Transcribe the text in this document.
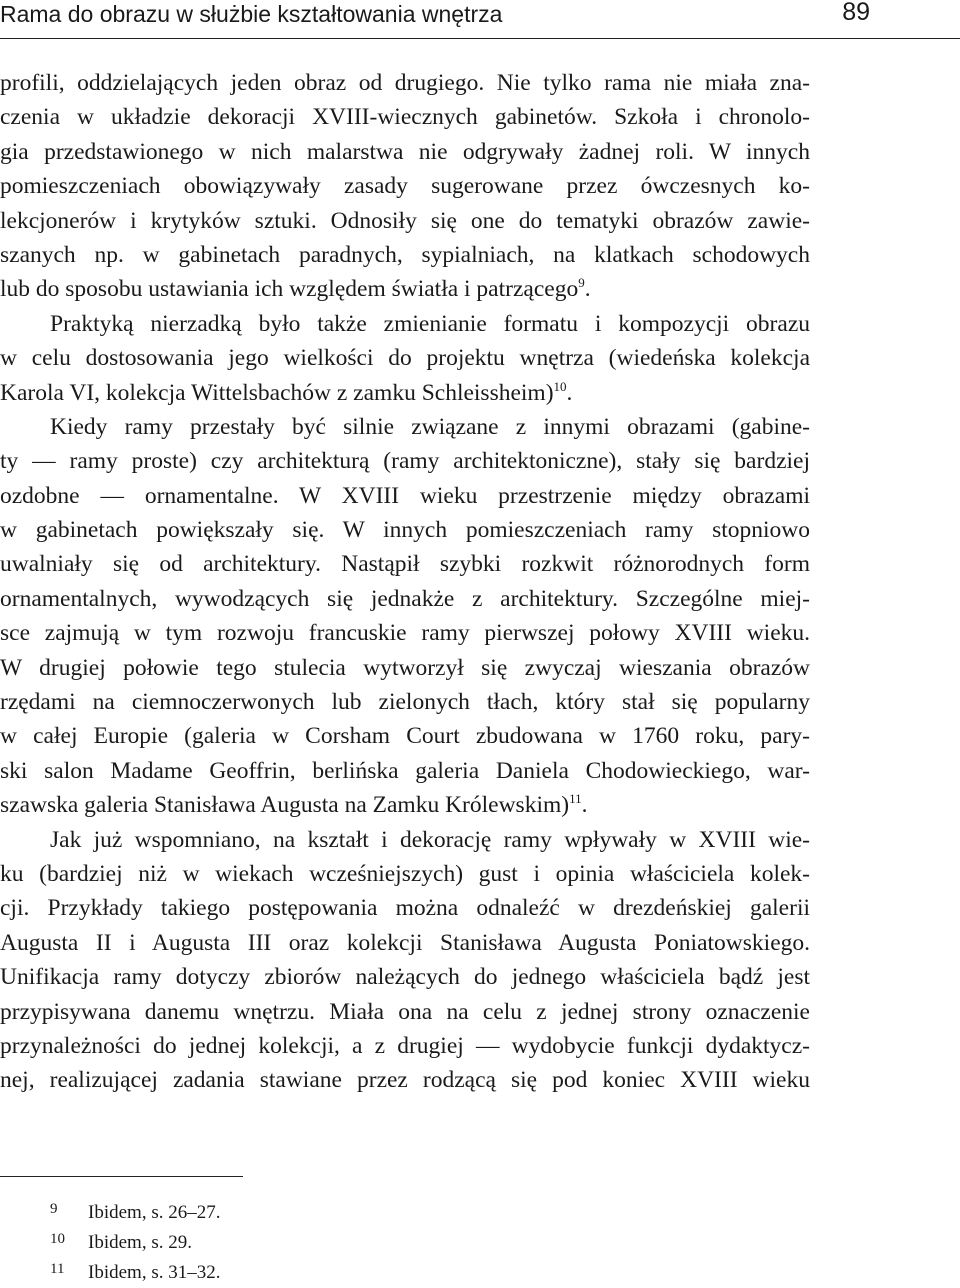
Rama do obrazu w służbie kształtowania wnętrza	89
profili, oddzielających jeden obraz od drugiego. Nie tylko rama nie miała zna-
czenia w układzie dekoracji XVIII-wiecznych gabinetów. Szkoła i chronolo-
gia przedstawionego w nich malarstwa nie odgrywały żadnej roli. W innych
pomieszczeniach obowiązywały zasady sugerowane przez ówczesnych ko-
lekcjonerów i krytyków sztuki. Odnosiły się one do tematyki obrazów zawie-
szanych np. w gabinetach paradnych, sypialniach, na klatkach schodowych
lub do sposobu ustawiania ich względem światła i patrzącego$^9$.
Praktyką nierzadką było także zmienianie formatu i kompozycji obrazu
w celu dostosowania jego wielkości do projektu wnętrza (wiedeńska kolekcja
Karola VI, kolekcja Wittelsbachów z zamku Schleissheim)$^{10}$.
Kiedy ramy przestały być silnie związane z innymi obrazami (gabine-
ty — ramy proste) czy architekturą (ramy architektoniczne), stały się bardziej
ozdobne — ornamentalne. W XVIII wieku przestrzenie między obrazami
w gabinetach powiększały się. W innych pomieszczeniach ramy stopniowo
uwalniały się od architektury. Nastąpił szybki rozkwit różnorodnych form
ornamentalnych, wywodzących się jednakże z architektury. Szczególne miej-
sce zajmują w tym rozwoju francuskie ramy pierwszej połowy XVIII wieku.
W drugiej połowie tego stulecia wytworzył się zwyczaj wieszania obrazów
rzędami na ciemnoczerwonych lub zielonych tłach, który stał się popularny
w całej Europie (galeria w Corsham Court zbudowana w 1760 roku, pary-
ski salon Madame Geoffrin, berlińska galeria Daniela Chodowieckiego, war-
szawska galeria Stanisława Augusta na Zamku Królewskim)$^{11}$.
Jak już wspomniano, na kształt i dekorację ramy wpływały w XVIII wie-
ku (bardziej niż w wiekach wcześniejszych) gust i opinia właściciela kolek-
cji. Przykłady takiego postępowania można odnaleźć w drezdeńskiej galerii
Augusta II i Augusta III oraz kolekcji Stanisława Augusta Poniatowskiego.
Unifikacja ramy dotyczy zbiorów należących do jednego właściciela bądź jest
przypisywana danemu wnętrzu. Miała ona na celu z jednej strony oznaczenie
przynależności do jednej kolekcji, a z drugiej — wydobycie funkcji dydaktycz-
nej, realizującej zadania stawiane przez rodzącą się pod koniec XVIII wieku
9	Ibidem, s. 26–27.
10	Ibidem, s. 29.
11	Ibidem, s. 31–32.
